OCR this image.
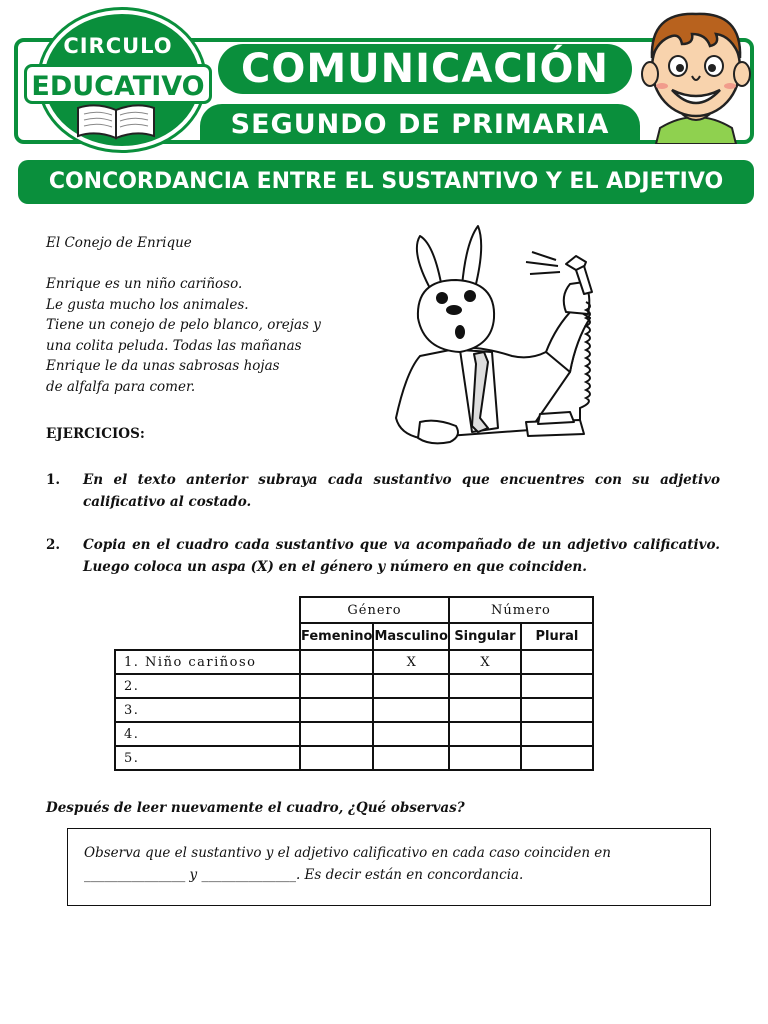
COMUNICACIÓN
SEGUNDO DE PRIMARIA
CIRCULO
EDUCATIVO
CONCORDANCIA ENTRE EL SUSTANTIVO Y EL ADJETIVO
El Conejo de Enrique
Enrique es un niño cariñoso.
Le gusta mucho los animales.
Tiene un conejo de pelo blanco, orejas y
una colita peluda. Todas las mañanas
Enrique le da unas sabrosas hojas
de alfalfa para comer.
EJERCICIOS:
1. En el texto anterior subraya cada sustantivo que encuentres con su adjetivo calificativo al costado.
2. Copia en el cuadro cada sustantivo que va acompañado de un adjetivo calificativo. Luego coloca un aspa (X) en el género y número en que coinciden.
	Género		Número	
	Femenino	Masculino	Singular	Plural
1. Niño cariñoso		X	X	
2.				
3.				
4.				
5.				
Después de leer nuevamente el cuadro, ¿Qué observas?
Observa que el sustantivo y el adjetivo calificativo en cada caso coinciden en
_______________ y ______________. Es decir están en concordancia.
